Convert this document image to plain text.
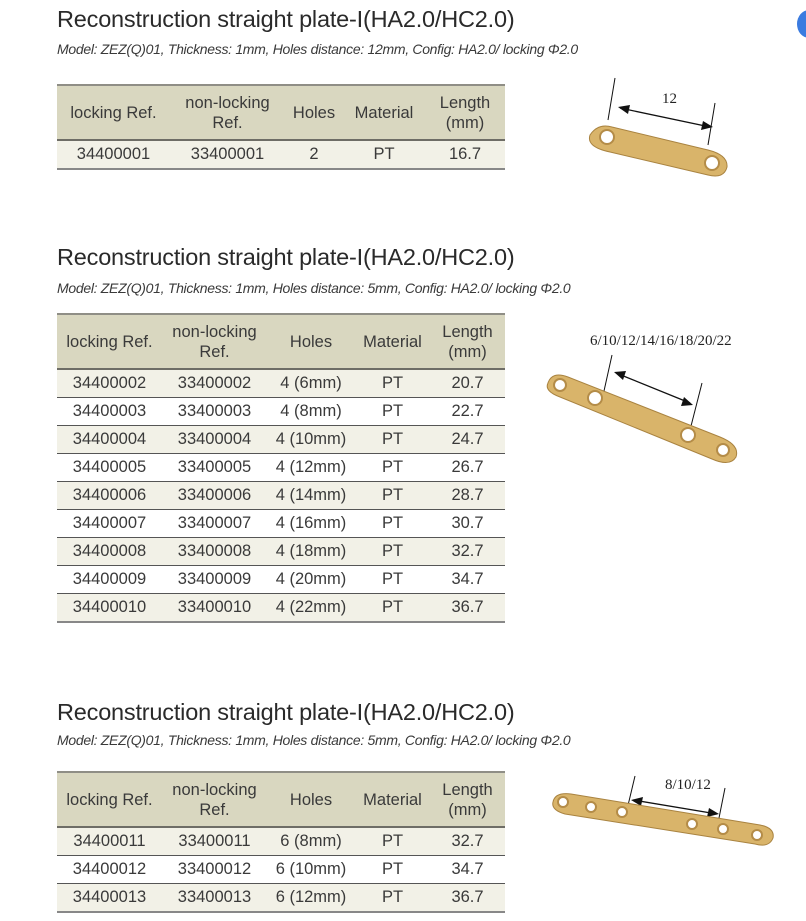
Reconstruction straight plate-I(HA2.0/HC2.0)
Model: ZEZ(Q)01, Thickness: 1mm, Holes distance: 12mm, Config: HA2.0/ locking Φ2.0
locking Ref.	non-locking Ref.	Holes	Material	Length (mm)
34400001	33400001	2	PT	16.7
12
Reconstruction straight plate-I(HA2.0/HC2.0)
Model: ZEZ(Q)01, Thickness: 1mm, Holes distance: 5mm, Config: HA2.0/ locking Φ2.0
locking Ref.	non-locking Ref.	Holes	Material	Length (mm)
34400002	33400002	4 (6mm)	PT	20.7
34400003	33400003	4 (8mm)	PT	22.7
34400004	33400004	4 (10mm)	PT	24.7
34400005	33400005	4 (12mm)	PT	26.7
34400006	33400006	4 (14mm)	PT	28.7
34400007	33400007	4 (16mm)	PT	30.7
34400008	33400008	4 (18mm)	PT	32.7
34400009	33400009	4 (20mm)	PT	34.7
34400010	33400010	4 (22mm)	PT	36.7
6/10/12/14/16/18/20/22
Reconstruction straight plate-I(HA2.0/HC2.0)
Model: ZEZ(Q)01, Thickness: 1mm, Holes distance: 5mm, Config: HA2.0/ locking Φ2.0
locking Ref.	non-locking Ref.	Holes	Material	Length (mm)
34400011	33400011	6 (8mm)	PT	32.7
34400012	33400012	6 (10mm)	PT	34.7
34400013	33400013	6 (12mm)	PT	36.7
8/10/12
